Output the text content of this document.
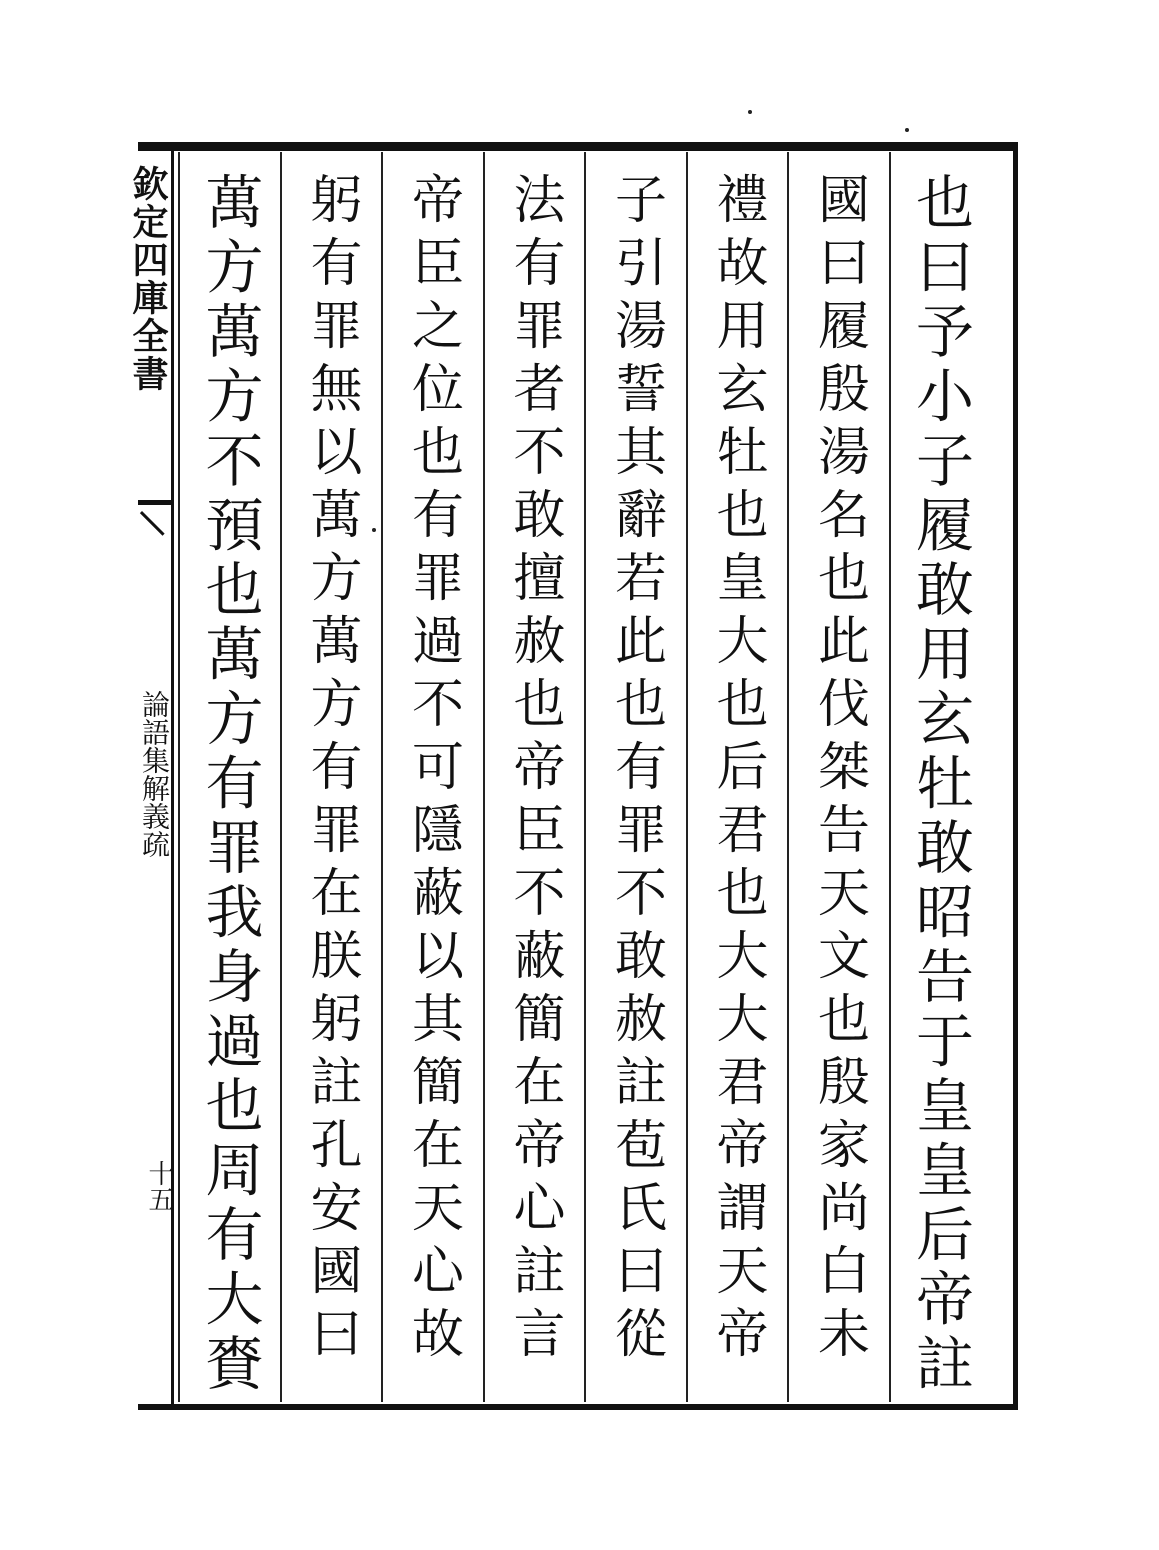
欽定四庫全書
論語集解義疏
十五
也曰予小子履敢用玄牡敢昭告于皇皇后帝註
國曰履殷湯名也此伐桀告天文也殷家尚白未
禮故用玄牡也皇大也后君也大大君帝謂天帝
子引湯誓其辭若此也有罪不敢赦註苞氏曰從
法有罪者不敢擅赦也帝臣不蔽簡在帝心註言
帝臣之位也有罪過不可隱蔽以其簡在天心故
躬有罪無以萬方萬方有罪在朕躬註孔安國曰
萬方萬方不預也萬方有罪我身過也周有大賚
